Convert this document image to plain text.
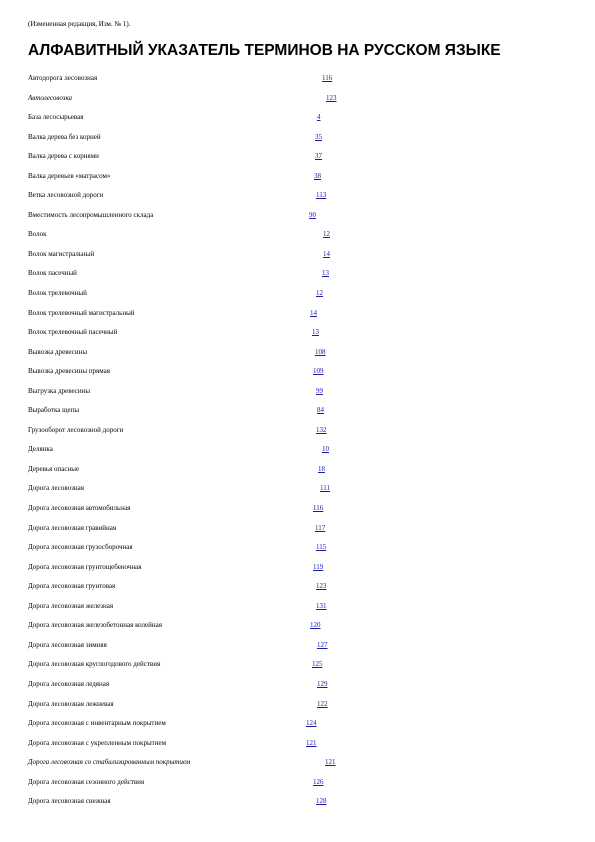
(Измененная редакция, Изм. № 1).
АЛФАВИТНЫЙ УКАЗАТЕЛЬ ТЕРМИНОВ НА РУССКОМ ЯЗЫКЕ
Автодорога лесовозная	116
Автолесовозка	123
База лесосырьевая	4
Валка дерева без корней	35
Валка дерева с корнями	37
Валка деревьев «матрасом»	38
Ветка лесовозной дороги	113
Вместимость лесопромышленного склада	90
Волок	12
Волок магистральный	14
Волок пасечный	13
Волок трелевочный	12
Волок трелевочный магистральный	14
Волок трелевочный пасечный	13
Вывозка древесины	108
Вывозка древесины прямая	109
Выгрузка древесины	99
Выработка щепы	84
Грузооборот лесовозной дороги	132
Делянка	10
Деревья опасные	18
Дорога лесовозная	111
Дорога лесовозная автомобильная	116
Дорога лесовозная гравийная	117
Дорога лесовозная грузосборочная	115
Дорога лесовозная грунтощебеночная	119
Дорога лесовозная грунтовая	123
Дорога лесовозная железная	131
Дорога лесовозная железобетонная колейная	120
Дорога лесовозная зимняя	127
Дорога лесовозная круглогодового действия	125
Дорога лесовозная ледяная	129
Дорога лесовозная лежневая	122
Дорога лесовозная с инвентарным покрытием	124
Дорога лесовозная с укрепленным покрытием	121
Дорога лесовозная со стабилизированным покрытием	121
Дорога лесовозная сезонного действия	126
Дорога лесовозная снежная	128
